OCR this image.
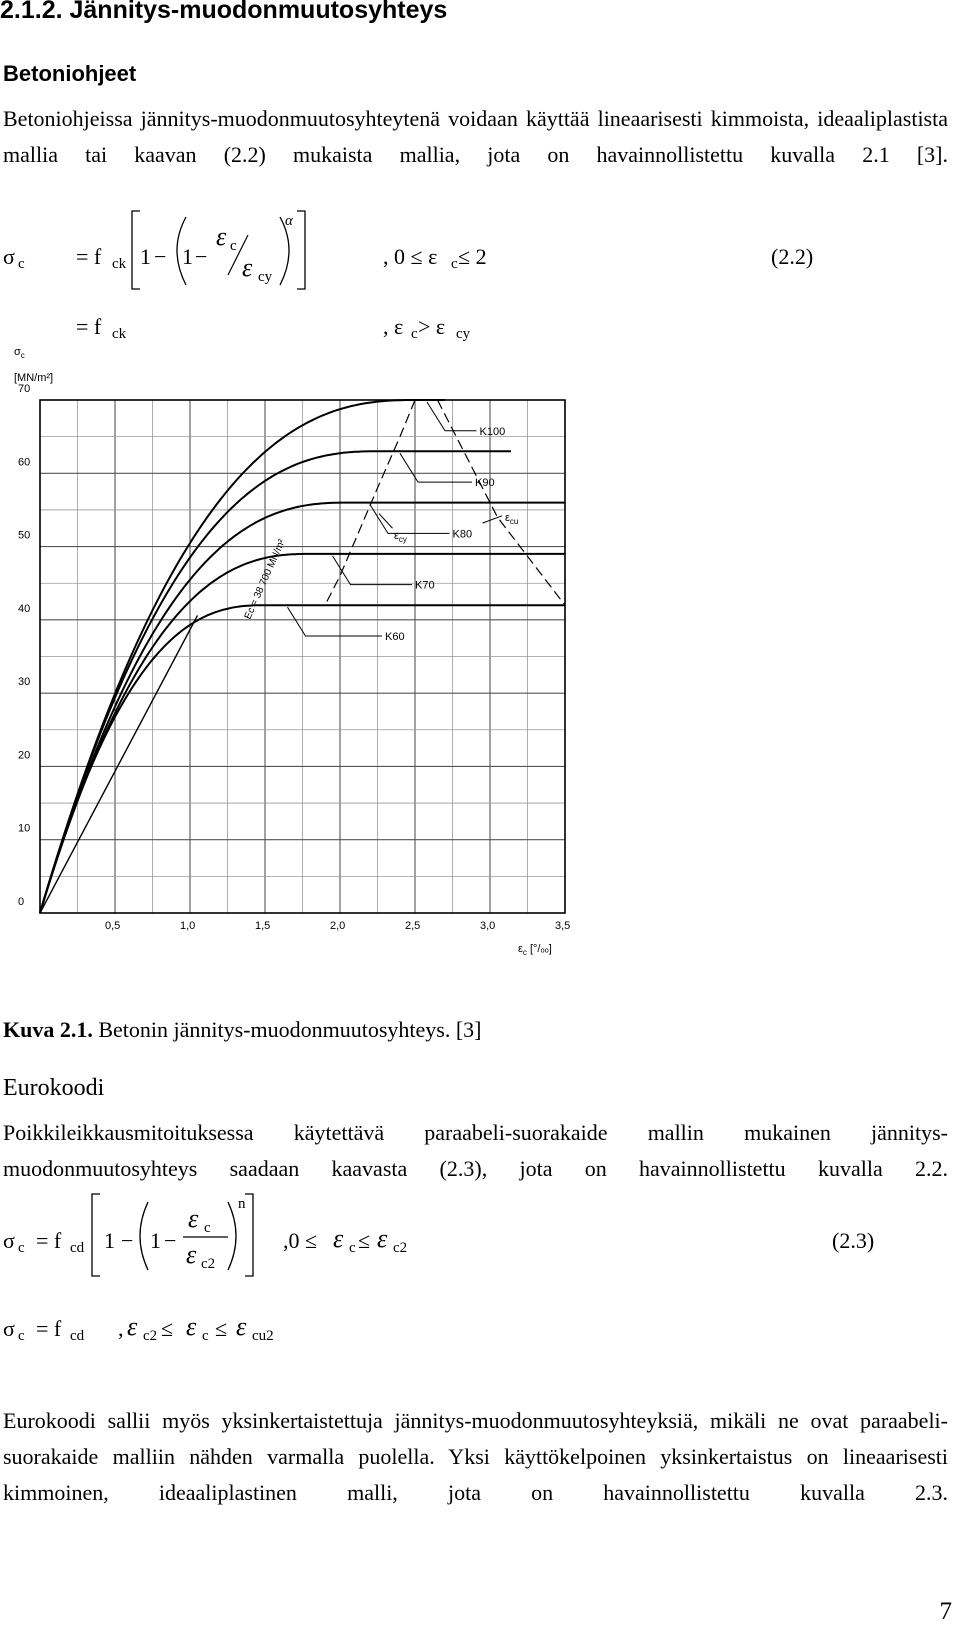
2.1.2. Jännitys-muodonmuutosyhteys
Betoniohjeet
Betoniohjeissa jännitys-muodonmuutosyhteytenä voidaan käyttää lineaarisesti kimmoista, ideaaliplastista mallia tai kaavan (2.2) mukaista mallia, jota on havainnollistettu kuvalla 2.1 [3].
σ c = f ck 1 − 1 −
ε c
ε cy
α
, 0 ≤ ε c ≤ 2	(2.2)
= f ck	, ε c > ε cy
0
10
20
30
40
50
60
70
0,5	1,0	1,5	2,0	2,5	3,0	3,5
$\sigma_c$
[MN/m²]
$\varepsilon_c$ [°/ₒₒ]
K60
K70
K80
K90
K100
Ec = 38 700 MN/m²
$\varepsilon_{cy}$
$\varepsilon_{cu}$
Kuva 2.1. Betonin jännitys-muodonmuutosyhteys. [3]
Eurokoodi
Poikkileikkausmitoituksessa käytettävä paraabeli-suorakaide mallin mukainen jännitys-muodonmuutosyhteys saadaan kaavasta (2.3), jota on havainnollistettu kuvalla 2.2.
σ c = f cd 1 − 1 −
ε c
ε c2
n
,0 ≤ ε c ≤ ε c2	(2.3)
σ c = f cd , ε c2 ≤ ε c ≤ ε cu2
Eurokoodi sallii myös yksinkertaistettuja jännitys-muodonmuutosyhteyksiä, mikäli ne ovat paraabeli-suorakaide malliin nähden varmalla puolella. Yksi käyttökelpoinen yksinkertaistus on lineaarisesti kimmoinen, ideaaliplastinen malli, jota on havainnollistettu kuvalla 2.3.
7
